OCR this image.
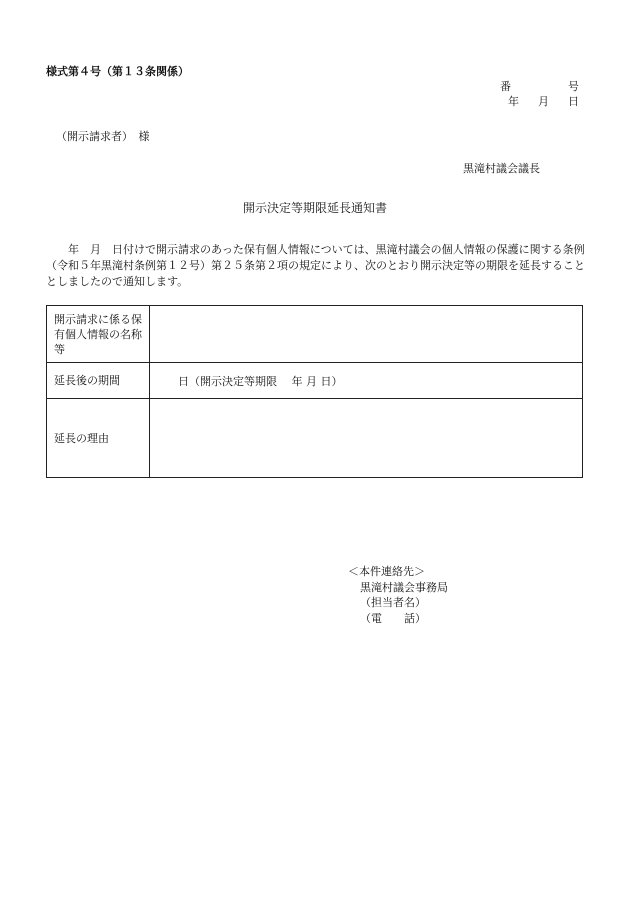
様式第４号（第１３条関係）
番	号
年 月 日
（開示請求者）　様
黒滝村議会議長
開示決定等期限延長通知書
年　月　日付けで開示請求のあった保有個人情報については、黒滝村議会の個人情報の保護に関する条例（令和５年黒滝村条例第１２号）第２５条第２項の規定により、次のとおり開示決定等の期限を延長することとしましたので通知します。
開示請求に係る保有個人情報の名称等	
延長後の期間	日（開示決定等期限　 年 月 日）
延長の理由	
＜本件連絡先＞
黒滝村議会事務局
（担当者名）
（電　　話）
